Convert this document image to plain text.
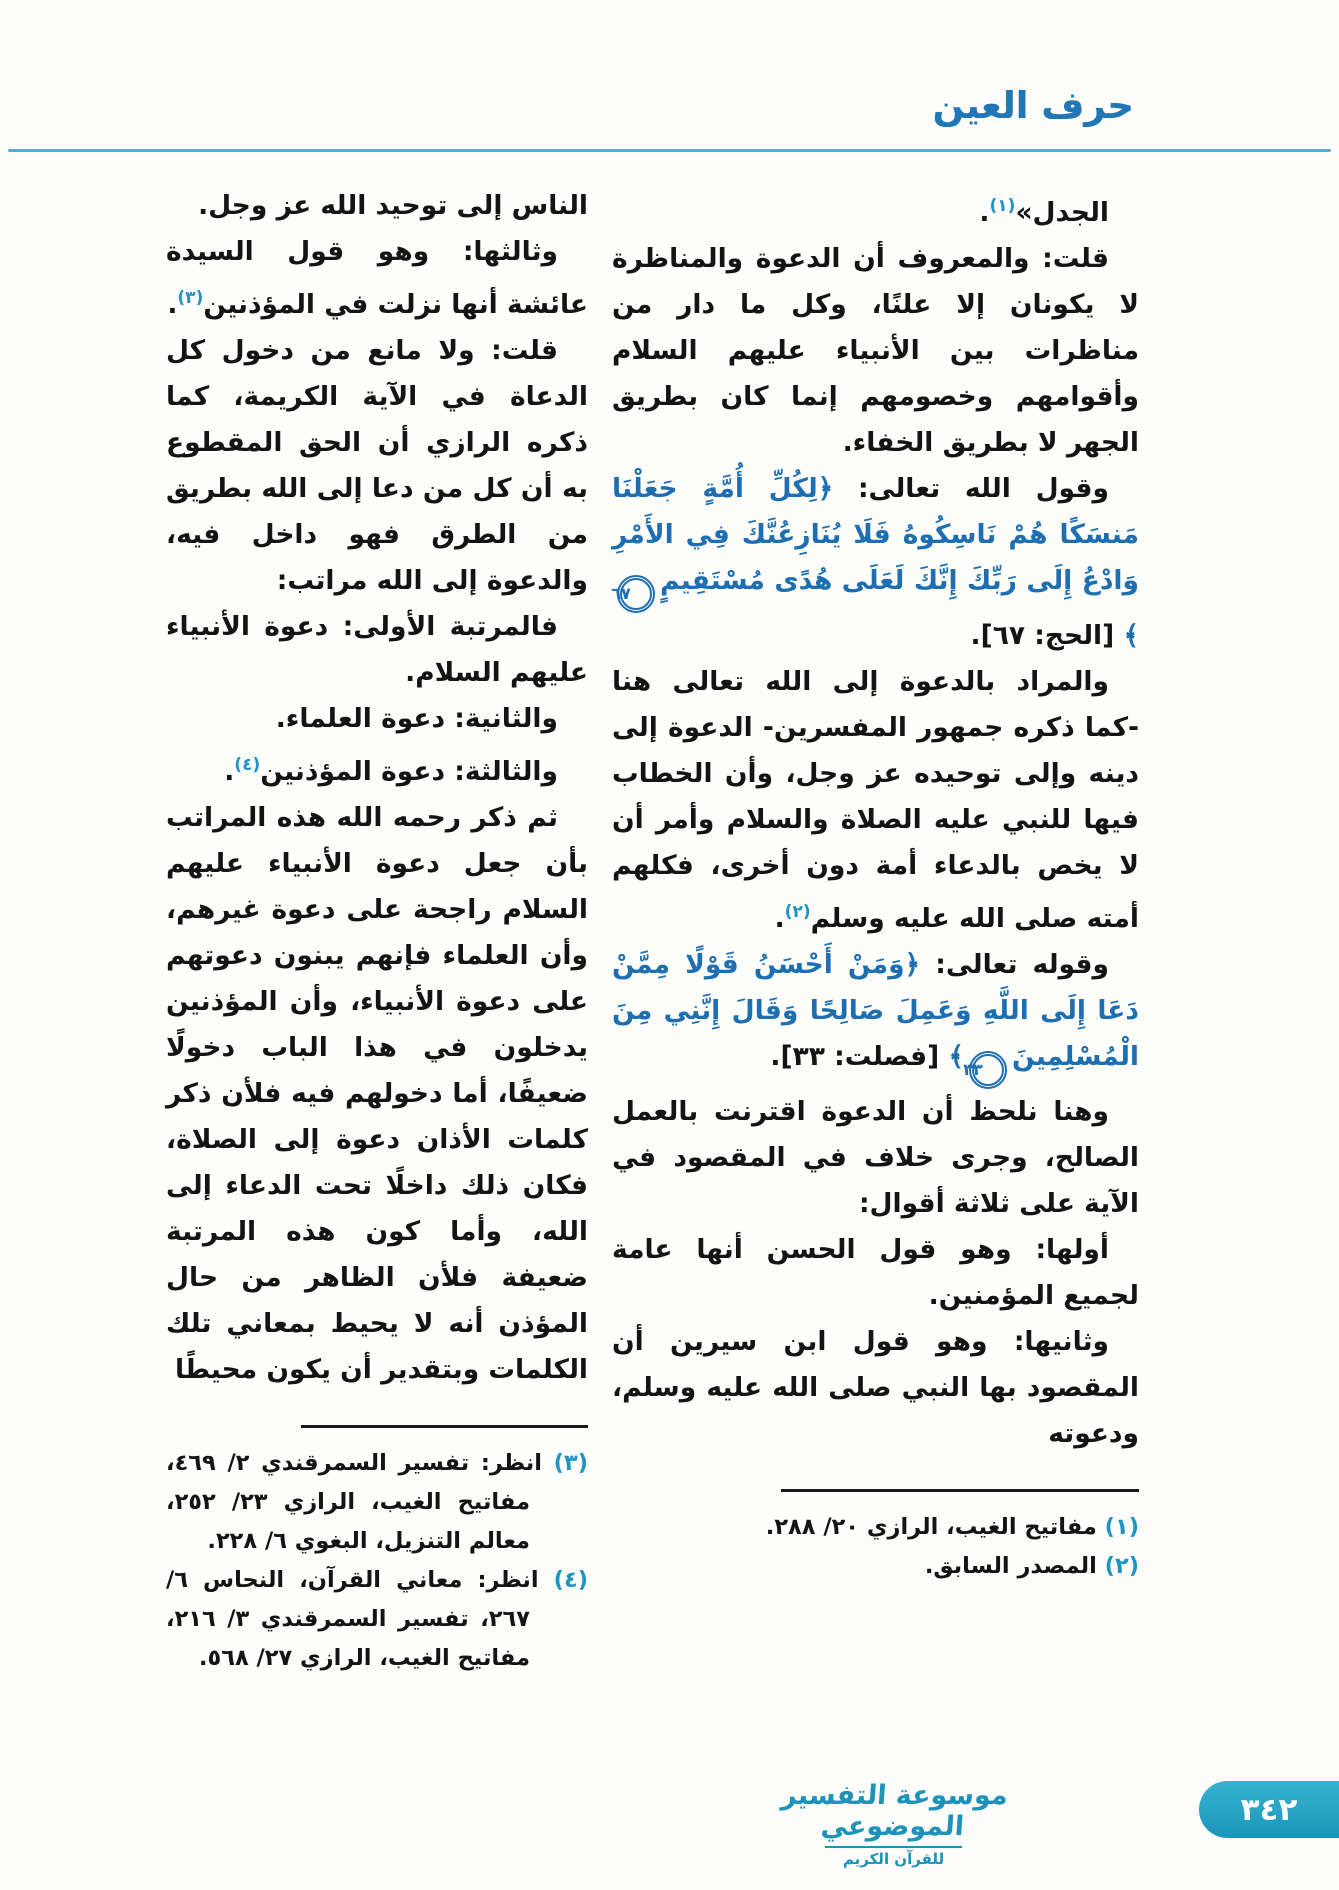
حرف العين

الجدل»$^{(١)}$.

قلت: والمعروف أن الدعوة والمناظرة لا يكونان إلا علنًا، وكل ما دار من مناظرات بين الأنبياء عليهم السلام وأقوامهم وخصومهم إنما كان بطريق الجهر لا بطريق الخفاء.

وقول الله تعالى: ﴿لِكُلِّ أُمَّةٍ جَعَلْنَا مَنسَكًا هُمْ نَاسِكُوهُ فَلَا يُنَازِعُنَّكَ فِي الأَمْرِ وَادْعُ إِلَى رَبِّكَ إِنَّكَ لَعَلَى هُدًى مُسْتَقِيمٍ٦٧﴾ [الحج: ٦٧].

والمراد بالدعوة إلى الله تعالى هنا -كما ذكره جمهور المفسرين- الدعوة إلى دينه وإلى توحيده عز وجل، وأن الخطاب فيها للنبي عليه الصلاة والسلام وأمر أن لا يخص بالدعاء أمة دون أخرى، فكلهم أمته صلى الله عليه وسلم$^{(٢)}$.

وقوله تعالى: ﴿وَمَنْ أَحْسَنُ قَوْلًا مِمَّنْ دَعَا إِلَى اللَّهِ وَعَمِلَ صَالِحًا وَقَالَ إِنَّنِي مِنَ الْمُسْلِمِينَ٣٣﴾ [فصلت: ٣٣].

وهنا نلحظ أن الدعوة اقترنت بالعمل الصالح، وجرى خلاف في المقصود في الآية على ثلاثة أقوال:

أولها: وهو قول الحسن أنها عامة لجميع المؤمنين.

وثانيها: وهو قول ابن سيرين أن المقصود بها النبي صلى الله عليه وسلم، ودعوته

(١) مفاتيح الغيب، الرازي ٢٠/ ٢٨٨.

(٢) المصدر السابق.

الناس إلى توحيد الله عز وجل.

وثالثها: وهو قول السيدة عائشة أنها نزلت في المؤذنين$^{(٣)}$.

قلت: ولا مانع من دخول كل الدعاة في الآية الكريمة، كما ذكره الرازي أن الحق المقطوع به أن كل من دعا إلى الله بطريق من الطرق فهو داخل فيه، والدعوة إلى الله مراتب:

فالمرتبة الأولى: دعوة الأنبياء عليهم السلام.

والثانية: دعوة العلماء.

والثالثة: دعوة المؤذنين$^{(٤)}$.

ثم ذكر رحمه الله هذه المراتب بأن جعل دعوة الأنبياء عليهم السلام راجحة على دعوة غيرهم، وأن العلماء فإنهم يبنون دعوتهم على دعوة الأنبياء، وأن المؤذنين يدخلون في هذا الباب دخولًا ضعيفًا، أما دخولهم فيه فلأن ذكر كلمات الأذان دعوة إلى الصلاة، فكان ذلك داخلًا تحت الدعاء إلى الله، وأما كون هذه المرتبة ضعيفة فلأن الظاهر من حال المؤذن أنه لا يحيط بمعاني تلك الكلمات وبتقدير أن يكون محيطًا

(٣) انظر: تفسير السمرقندي ٢/ ٤٦٩، مفاتيح الغيب، الرازي ٢٣/ ٢٥٢، معالم التنزيل، البغوي ٦/ ٢٢٨.

(٤) انظر: معاني القرآن، النحاس ٦/ ٢٦٧، تفسير السمرقندي ٣/ ٢١٦، مفاتيح الغيب، الرازي ٢٧/ ٥٦٨.

موسوعة التفسير الموضوعي
للقرآن الكريم
٣٤٢
